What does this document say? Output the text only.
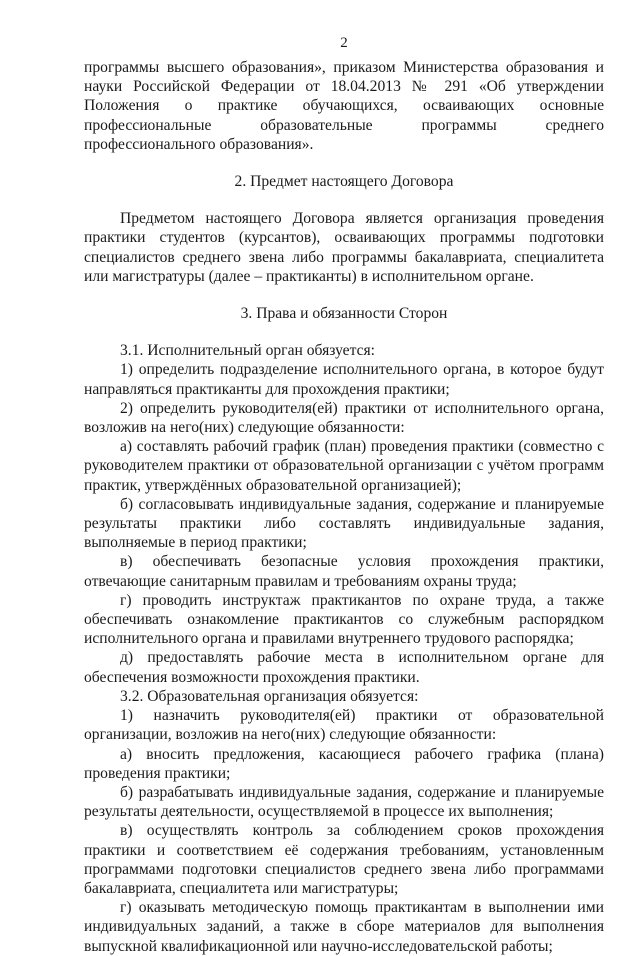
2

программы высшего образования», приказом Министерства образования и науки Российской Федерации от 18.04.2013 № 291 «Об утверждении Положения о практике обучающихся, осваивающих основные профессиональные образовательные программы среднего профессионального образования».

2. Предмет настоящего Договора

Предметом настоящего Договора является организация проведения практики студентов (курсантов), осваивающих программы подготовки специалистов среднего звена либо программы бакалавриата, специалитета или магистратуры (далее – практиканты) в исполнительном органе.

3. Права и обязанности Сторон

3.1. Исполнительный орган обязуется:

1) определить подразделение исполнительного органа, в которое будут направляться практиканты для прохождения практики;

2) определить руководителя(ей) практики от исполнительного органа, возложив на него(них) следующие обязанности:

а) составлять рабочий график (план) проведения практики (совместно с руководителем практики от образовательной организации с учётом программ практик, утверждённых образовательной организацией);

б) согласовывать индивидуальные задания, содержание и планируемые результаты практики либо составлять индивидуальные задания, выполняемые в период практики;

в) обеспечивать безопасные условия прохождения практики, отвечающие санитарным правилам и требованиям охраны труда;

г) проводить инструктаж практикантов по охране труда, а также обеспечивать ознакомление практикантов со служебным распорядком исполнительного органа и правилами внутреннего трудового распорядка;

д) предоставлять рабочие места в исполнительном органе для обеспечения возможности прохождения практики.

3.2. Образовательная организация обязуется:

1) назначить руководителя(ей) практики от образовательной организации, возложив на него(них) следующие обязанности:

а) вносить предложения, касающиеся рабочего графика (плана) проведения практики;

б) разрабатывать индивидуальные задания, содержание и планируемые результаты деятельности, осуществляемой в процессе их выполнения;

в) осуществлять контроль за соблюдением сроков прохождения практики и соответствием её содержания требованиям, установленным программами подготовки специалистов среднего звена либо программами бакалавриата, специалитета или магистратуры;

г) оказывать методическую помощь практикантам в выполнении ими индивидуальных заданий, а также в сборе материалов для выполнения выпускной квалификационной или научно-исследовательской работы;
